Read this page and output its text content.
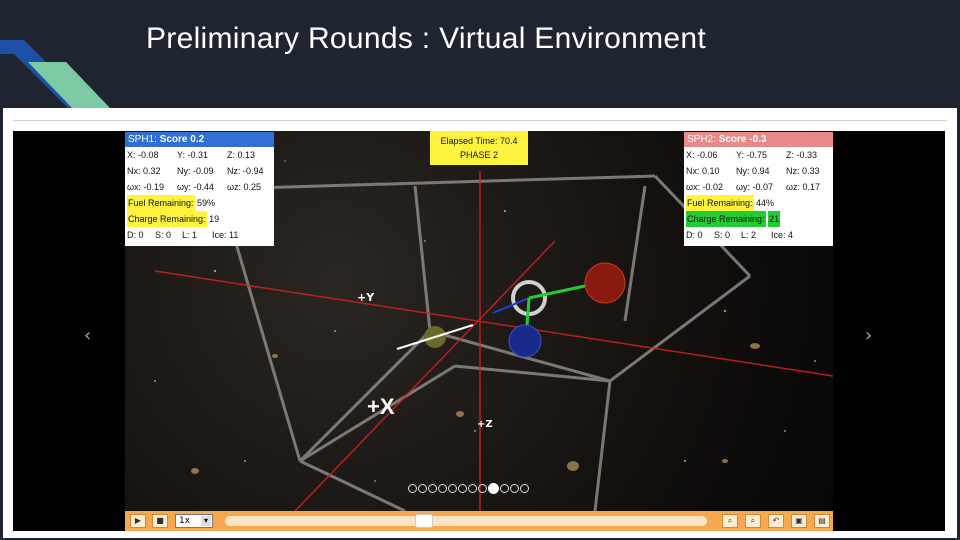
Preliminary Rounds : Virtual Environment
+Y
+X
+Z
SPH1: Score 0.2
X: -0.08 Y: -0.31 Z: 0.13
Nx: 0.32 Ny: -0.09 Nz: -0.94
ωx: -0.19 ωy: -0.44 ωz: 0.25
Fuel Remaining: 59%
Charge Remaining: 19
D: 0 S: 0 L: 1 Ice: 11
SPH2: Score -0.3
X: -0.06 Y: -0.75 Z: -0.33
Nx: 0.10 Ny: 0.94 Nz: 0.33
ωx: -0.02 ωy: -0.07 ωz: 0.17
Fuel Remaining: 44%
Charge Remaining: 21
D: 0 S: 0 L: 2 Ice: 4
Elapsed Time: 70.4
PHASE 2
‹	›
▶	■	1x	▾	⌕	⌕	↶	▣	▤
